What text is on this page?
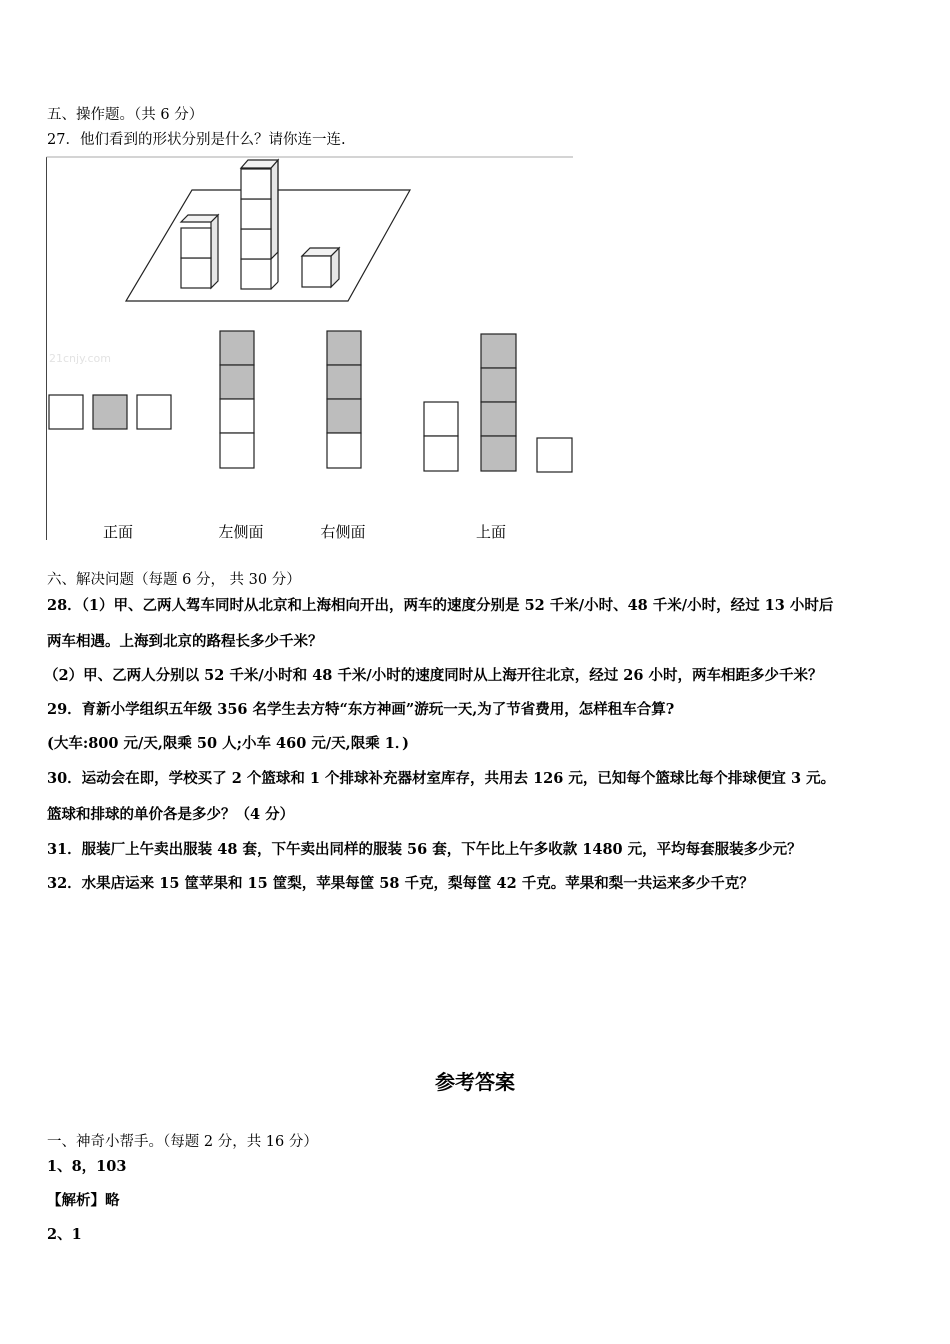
五、操作题。（共 6 分）
27．他们看到的形状分别是什么？请你连一连.
21cnjy.com
正面	左侧面	右侧面	上面
六、解决问题（每题 6 分， 共 30 分）
28．（1）甲、乙两人驾车同时从北京和上海相向开出，两车的速度分别是 52 千米/小时、48 千米/小时，经过 13 小时后
两车相遇。上海到北京的路程长多少千米？
（2）甲、乙两人分别以 52 千米/小时和 48 千米/小时的速度同时从上海开往北京，经过 26 小时，两车相距多少千米？
29．育新小学组织五年级 356 名学生去方特“东方神画”游玩一天,为了节省费用，怎样租车合算?
(大车:800 元/天,限乘 50 人;小车 460 元/天,限乘 1．)
30．运动会在即，学校买了 2 个篮球和 1 个排球补充器材室库存，共用去 126 元，已知每个篮球比每个排球便宜 3 元。
篮球和排球的单价各是多少？（4 分）
31．服装厂上午卖出服装 48 套，下午卖出同样的服装 56 套，下午比上午多收款 1480 元，平均每套服装多少元？
32．水果店运来 15 筐苹果和 15 筐梨，苹果每筐 58 千克，梨每筐 42 千克。苹果和梨一共运来多少千克？
参考答案
一、神奇小帮手。（每题 2 分，共 16 分）
1、8，103
【解析】略
2、1
